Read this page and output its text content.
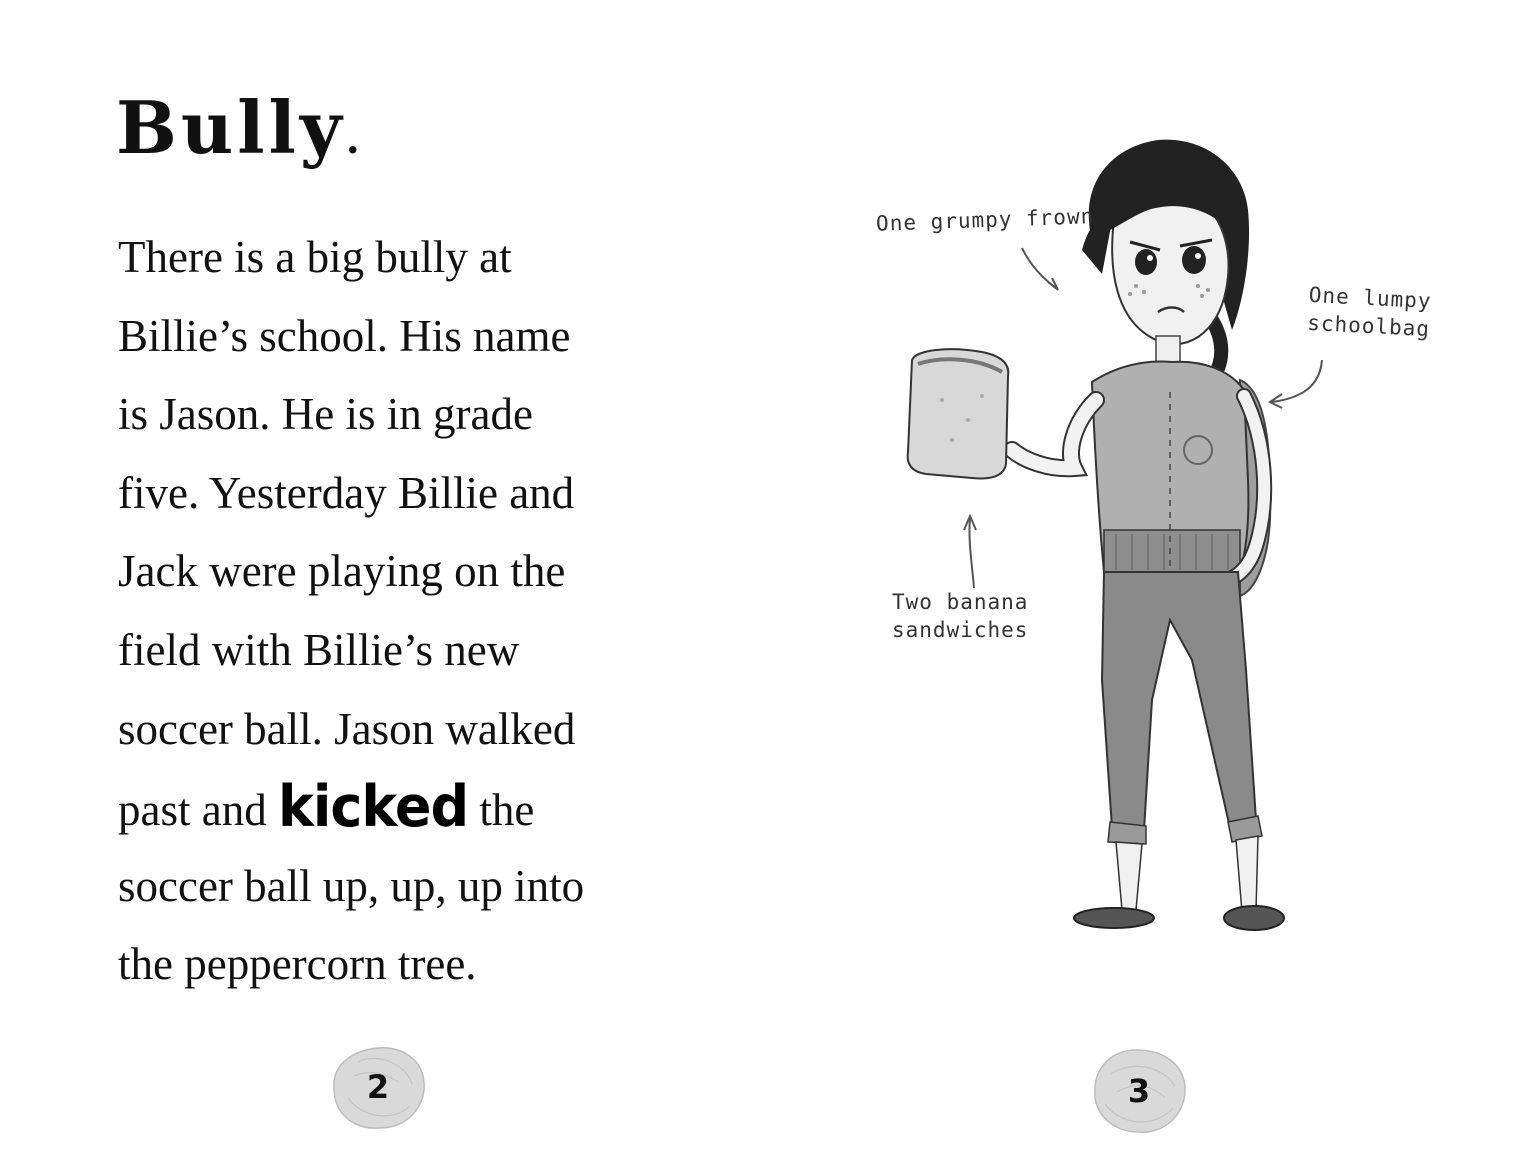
Bully.
There is a big bully at
Billie’s school. His name
is Jason. He is in grade
five. Yesterday Billie and
Jack were playing on the
field with Billie’s new
soccer ball. Jason walked
past and kicked the
soccer ball up, up, up into
the peppercorn tree.
2
One grumpy frown
One lumpy
schoolbag
Two banana
sandwiches
3
